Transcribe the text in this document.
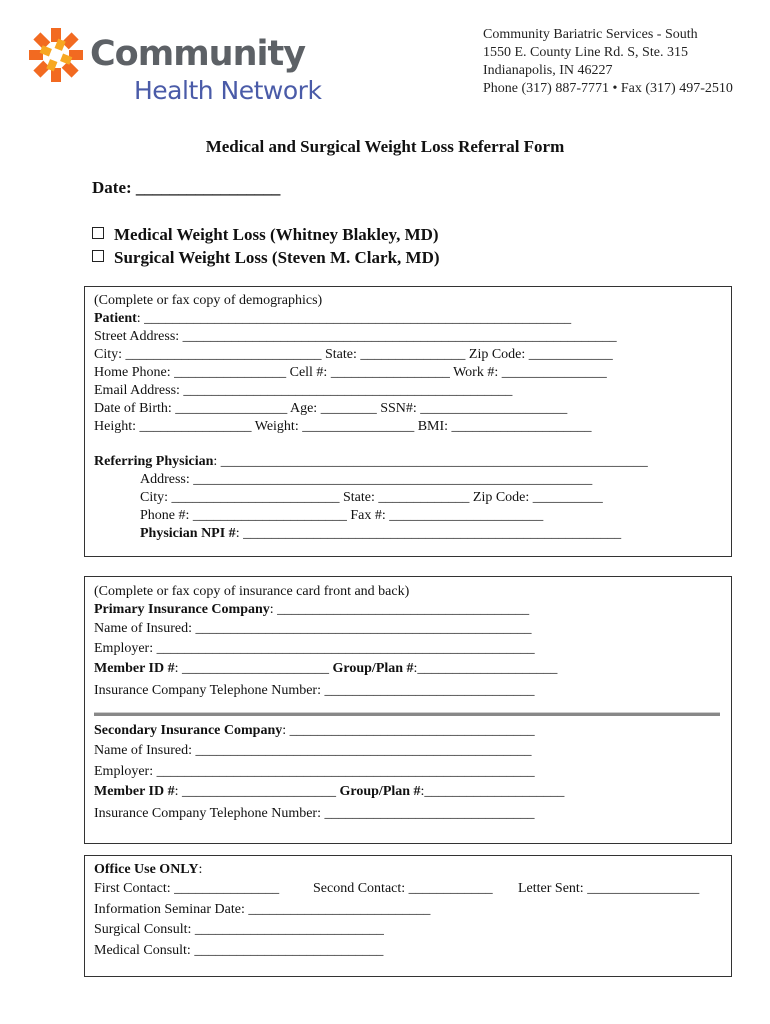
Community
Health Network
Community Bariatric Services - South
1550 E. County Line Rd. S, Ste. 315
Indianapolis, IN 46227
Phone (317) 887-7771 • Fax (317) 497-2510
Medical and Surgical Weight Loss Referral Form
Date: _________________
Medical Weight Loss (Whitney Blakley, MD)
Surgical Weight Loss (Steven M. Clark, MD)
(Complete or fax copy of demographics)
Patient: _____________________________________________________________
Street Address: ______________________________________________________________
City: ____________________________ State: _______________ Zip Code: ____________
Home Phone: ________________ Cell #: _________________ Work #: _______________
Email Address: _______________________________________________
Date of Birth: ________________ Age: ________ SSN#: _____________________
Height: ________________ Weight: ________________ BMI: ____________________
Referring Physician: _____________________________________________________________
Address: _________________________________________________________
City: ________________________ State: _____________ Zip Code: __________
Phone #: ______________________ Fax #: ______________________
Physician NPI #: ______________________________________________________
(Complete or fax copy of insurance card front and back)
Primary Insurance Company: ____________________________________
Name of Insured: ________________________________________________
Employer: ______________________________________________________
Member ID #: _____________________ Group/Plan #:____________________
Insurance Company Telephone Number: ______________________________
Secondary Insurance Company: ___________________________________
Name of Insured: ________________________________________________
Employer: ______________________________________________________
Member ID #: ______________________ Group/Plan #:____________________
Insurance Company Telephone Number: ______________________________
Office Use ONLY:
First Contact: _______________ Second Contact: ____________ Letter Sent: ________________
Information Seminar Date: __________________________
Surgical Consult: ___________________________
Medical Consult: ___________________________
